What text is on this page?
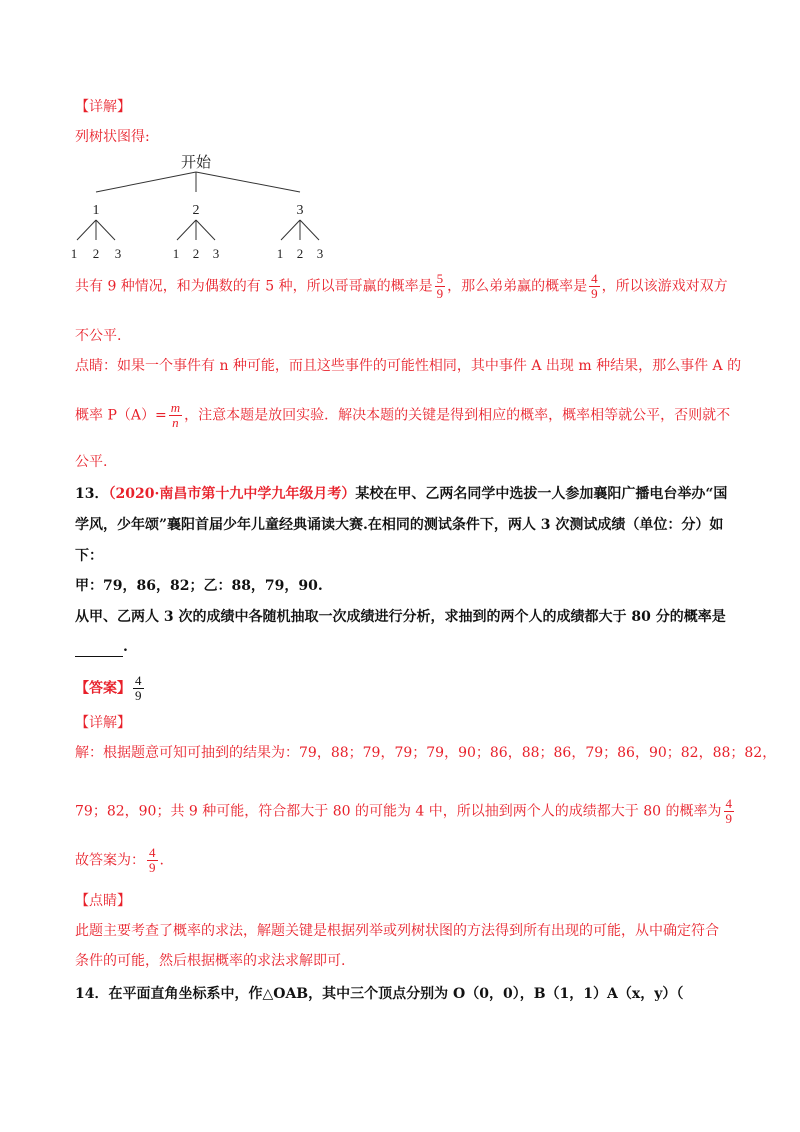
【详解】
列树状图得:
开始
1	2	3
1 2 3	1 2 3	1 2 3
共有 9 种情况，和为偶数的有 5 种，所以哥哥赢的概率是 $\frac{5}{9}$ ，那么弟弟赢的概率是 $\frac{4}{9}$ ，所以该游戏对双方
不公平.
点睛：如果一个事件有 n 种可能，而且这些事件的可能性相同，其中事件 A 出现 m 种结果，那么事件 A 的
概率 $P(A)= \frac{m}{n}$ ，注意本题是放回实验．解决本题的关键是得到相应的概率，概率相等就公平，否则就不
公平.
13．（2020·南昌市第十九中学九年级月考）某校在甲、乙两名同学中选拔一人参加襄阳广播电台举办“国
学风，少年颂”襄阳首届少年儿童经典诵读大赛.在相同的测试条件下，两人 3 次测试成绩（单位：分）如
下：
甲：79，86，82；乙：88，79，90.
从甲、乙两人 3 次的成绩中各随机抽取一次成绩进行分析，求抽到的两个人的成绩都大于 80 分的概率是
.
【答案】 $\frac{4}{9}$
【详解】
解：根据题意可知可抽到的结果为：79，88；79，79；79，90；86，88；86，79；86，90；82，88；82，
79；82，90；共 9 种可能，符合都大于 80 的可能为 4 中，所以抽到两个人的成绩都大于 80 的概率为 $\frac{4}{9}$
故答案为： $\frac{4}{9}$ .
【点睛】
此题主要考查了概率的求法，解题关键是根据列举或列树状图的方法得到所有出现的可能，从中确定符合
条件的可能，然后根据概率的求法求解即可.
14．在平面直角坐标系中，作△OAB，其中三个顶点分别为 O（0，0），B（1，1）A（x，y）（
